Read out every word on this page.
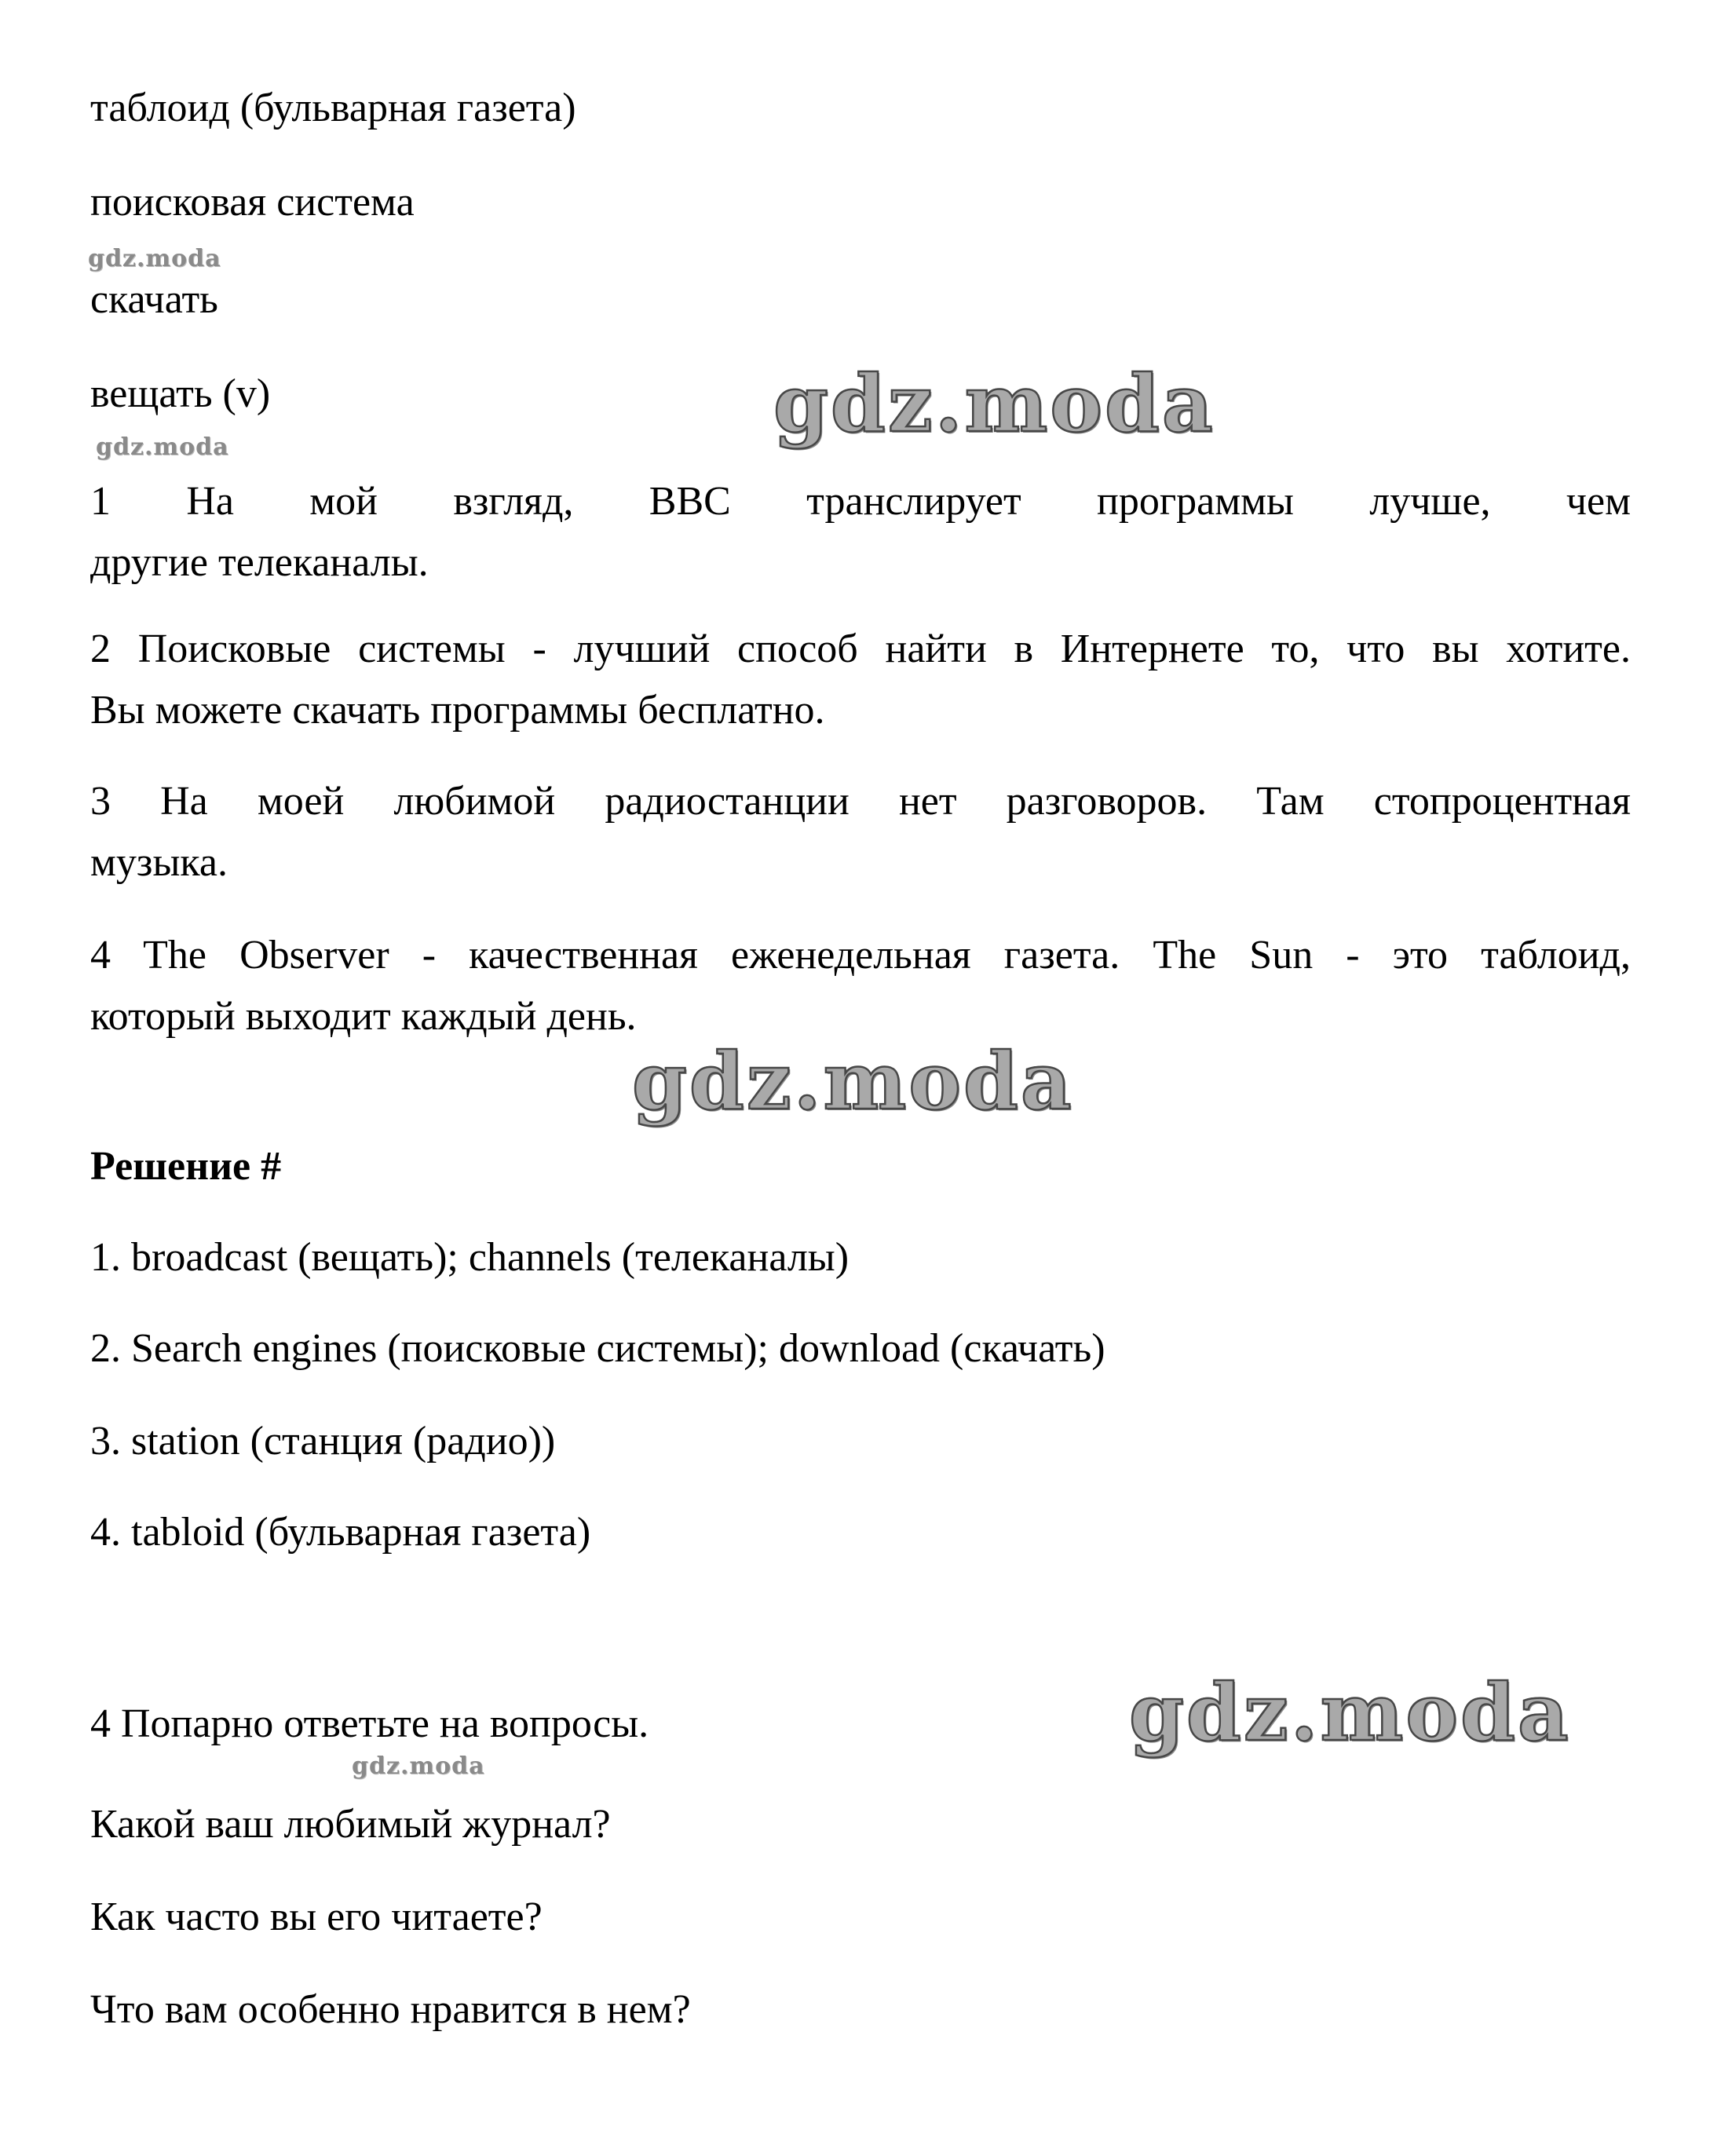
таблоид (бульварная газета)
поисковая система
gdz.moda
скачать
вещать (v)	gdz.moda
gdz.moda
1 На мой взгляд, BBC транслирует программы лучше, чем
другие телеканалы.
2 Поисковые системы - лучший способ найти в Интернете то, что вы хотите.
Вы можете скачать программы бесплатно.
3 На моей любимой радиостанции нет разговоров. Там стопроцентная
музыка.
4 The Observer - качественная еженедельная газета. The Sun - это таблоид,
который выходит каждый день.
gdz.moda
Решение #
1. broadcast (вещать); channels (телеканалы)
2. Search engines (поисковые системы); download (скачать)
3. station (станция (радио))
4. tabloid (бульварная газета)
4 Попарно ответьте на вопросы.	gdz.moda
gdz.moda
Какой ваш любимый журнал?
Как часто вы его читаете?
Что вам особенно нравится в нем?
